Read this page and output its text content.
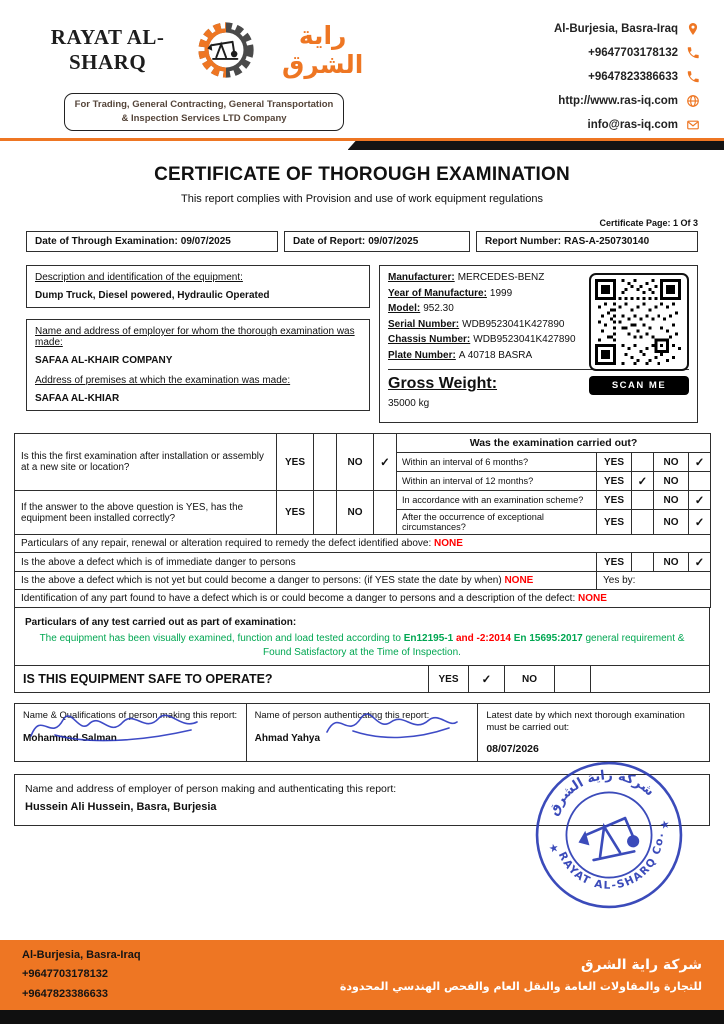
RAYAT AL-SHARQ
راية الشرق
For Trading, General Contracting, General Transportation
& Inspection Services LTD Company
Al-Burjesia, Basra-Iraq
+9647703178132
+9647823386633
http://www.ras-iq.com
info@ras-iq.com
CERTIFICATE OF THOROUGH EXAMINATION
This report complies with Provision and use of work equipment regulations
Certificate Page: 1 Of 3
Date of Through Examination: 09/07/2025	Date of Report: 09/07/2025	Report Number: RAS-A-250730140
Description and identification of the equipment:
Dump Truck, Diesel powered, Hydraulic Operated
Name and address of employer for whom the thorough examination was made:
SAFAA AL-KHAIR COMPANY
Address of premises at which the examination was made:
SAFAA AL-KHIAR
Manufacturer: MERCEDES-BENZ
Year of Manufacture: 1999
Model: 952.30
Serial Number: WDB9523041K427890
Chassis Number: WDB9523041K427890
Plate Number: A 40718 BASRA
Gross Weight:
35000 kg
SCAN ME
Is this the first examination after installation or assembly at a new site or location?	YES		NO	✓	Was the examination carried out?				
					Within an interval of 6 months?	YES		NO	✓
					Within an interval of 12 months?	YES	✓	NO	
If the answer to the above question is YES, has the equipment been installed correctly?	YES		NO		In accordance with an examination scheme?	YES		NO	✓
					After the occurrence of exceptional circumstances?	YES		NO	✓
Particulars of any repair, renewal or alteration required to remedy the defect identified above: NONE				
Is the above a defect which is of immediate danger to persons	YES		NO	✓
Is the above a defect which is not yet but could become a danger to persons: (if YES state the date by when) NONE	Yes by:			
Identification of any part found to have a defect which is or could become a danger to persons and a description of the defect: NONE				
Particulars of any test carried out as part of examination:
The equipment has been visually examined, function and load tested according to En12195-1 and -2:2014 En 15695:2017 general requirement & Found Satisfactory at the Time of Inspection.
IS THIS EQUIPMENT SAFE TO OPERATE?	YES	✓	NO		
Name & Qualifications of person making this report:
Mohammad Salman

Name of person authenticating this report:
Ahmad Yahya

Latest date by which next thorough examination must be carried out:
08/07/2026
Name and address of employer of person making and authenticating this report:
Hussein Ali Hussein, Basra, Burjesia	شركة راية الشرق
RAYAT AL-SHARQ Co.
★
★
Al-Burjesia, Basra-Iraq
+9647703178132
+9647823386633
شركة راية الشرق
للتجارة والمقاولات العامة والنقل العام والفحص الهندسي المحدودة
